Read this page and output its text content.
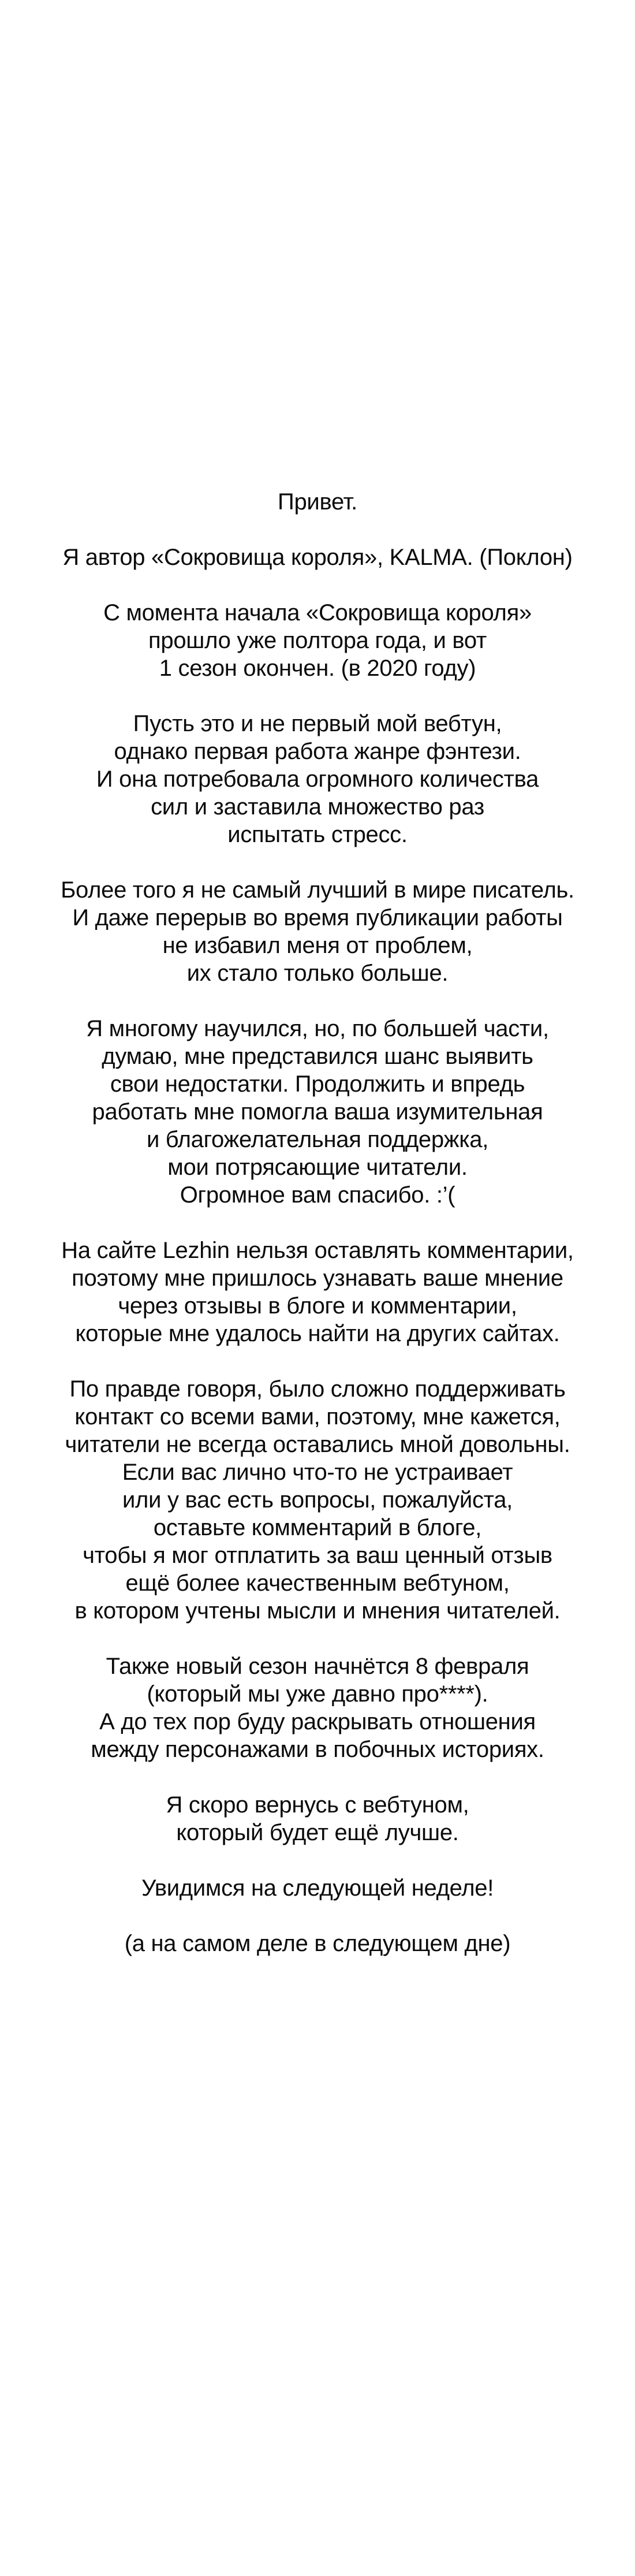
Привет.

Я автор «Сокровища короля», KALMA. (Поклон)

С момента начала «Сокровища короля»
прошло уже полтора года, и вот
1 сезон окончен. (в 2020 году)

Пусть это и не первый мой вебтун,
однако первая работа жанре фэнтези.
И она потребовала огромного количества
сил и заставила множество раз
испытать стресс.

Более того я не самый лучший в мире писатель.
И даже перерыв во время публикации работы
не избавил меня от проблем,
их стало только больше.

Я многому научился, но, по большей части,
думаю, мне представился шанс выявить
свои недостатки. Продолжить и впредь
работать мне помогла ваша изумительная
и благожелательная поддержка,
мои потрясающие читатели.
Огромное вам спасибо. :’(

На сайте Lezhin нельзя оставлять комментарии,
поэтому мне пришлось узнавать ваше мнение
через отзывы в блоге и комментарии,
которые мне удалось найти на других сайтах.

По правде говоря, было сложно поддерживать
контакт со всеми вами, поэтому, мне кажется,
читатели не всегда оставались мной довольны.
Если вас лично что-то не устраивает
или у вас есть вопросы, пожалуйста,
оставьте комментарий в блоге,
чтобы я мог отплатить за ваш ценный отзыв
ещё более качественным вебтуном,
в котором учтены мысли и мнения читателей.

Также новый сезон начнётся 8 февраля
(который мы уже давно про****).
А до тех пор буду раскрывать отношения
между персонажами в побочных историях.

Я скоро вернусь с вебтуном,
который будет ещё лучше.

Увидимся на следующей неделе!

(а на самом деле в следующем дне)
